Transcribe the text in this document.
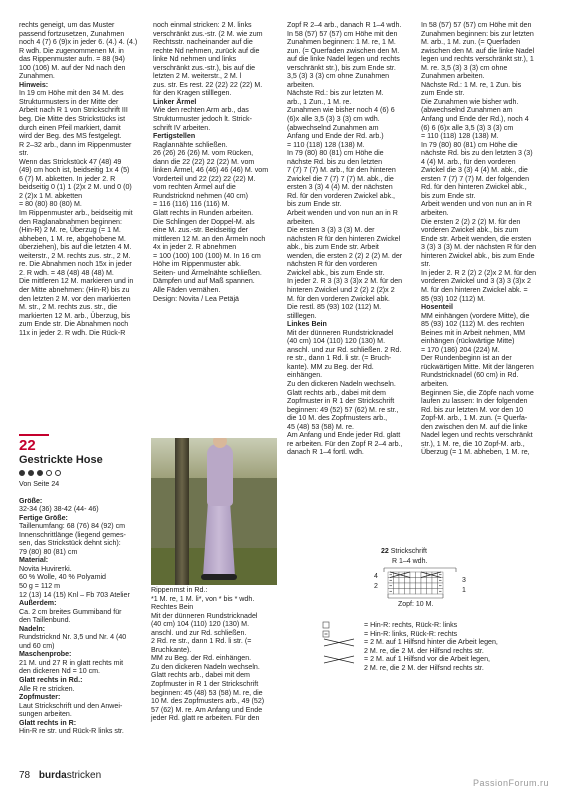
rechts geneigt, um das Muster
passend fortzusetzen, Zunahmen
noch 4 (7) 6 (9)x in jeder 6. (4.) 4. (4.)
R wdh. Die zugenommenen M. in
das Rippenmuster aufn. = 88 (94)
100 (106) M. auf der Nd nach den
Zunahmen.

Hinweis:

In 19 cm Höhe mit den 34 M. des
Strukturmusters in der Mitte der
Arbeit nach R 1 von Strickschrift III
beg. Die Mitte des Strickstücks ist
durch einen Pfeil markiert, damit
wird der Beg. des MS festgelegt.
R 2–32 arb., dann im Rippenmuster
str.
Wenn das Strickstück 47 (48) 49
(49) cm hoch ist, beidseitig 1x 4 (5)
6 (7) M. abketten. In jeder 2. R
beidseitig 0 (1) 1 (2)x 2 M. und 0 (0)
2 (2)x 1 M. abketten
= 80 (80) 80 (80) M.
Im Rippenmuster arb., beidseitig mit
den Raglanabnahmen beginnen:
(Hin-R) 2 M. re, Überzug (= 1 M.
abheben, 1 M. re, abgehobene M.
überziehen), bis auf die letzten 4 M.
weiterstr., 2 M. rechts zus. str., 2 M.
re. Die Abnahmen noch 15x in jeder
2. R wdh. = 48 (48) 48 (48) M.
Die mittleren 12 M. markieren und in
der Mitte abnehmen: (Hin-R) bis zu
den letzten 2 M. vor den markierten
M. str., 2 M. rechts zus. str., die
markierten 12 M. arb., Überzug, bis
zum Ende str. Die Abnahmen noch
11x in jeder 2. R wdh. Die Rück-R

22
Gestrickte Hose

Von Seite 24

Größe:

32-34 (36) 38-42 (44- 46)

Fertige Größe:

Taillenumfang: 68 (76) 84 (92) cm
Innenschrittlänge (liegend gemes-
sen, das Strickstück dehnt sich):
79 (80) 80 (81) cm

Material:

Novita Huvirетki.
60 % Wolle, 40 % Polyamid
50 g = 112 m
12 (13) 14 (15) Knl – Fb 703 Atelier

Außerdem:

Ca. 2 cm breites Gummiband für
den Taillenbund.

Nadeln:

Rundstricknd Nr. 3,5 und Nr. 4 (40
und 60 cm)

Maschenprobe:

21 M. und 27 R in glatt rechts mit
den dickeren Nd = 10 cm.

Glatt rechts in Rd.:

Alle R re stricken.

Zopfmuster:

Laut Strickschrift und den Anwei-
sungen arbeiten.

Glatt rechts in R:

Hin-R re str. und Rück-R links str.

noch einmal stricken: 2 M. links
verschränkt zus.-str. (2 M. wie zum
Rechtsstr. nacheinander auf die
rechte Nd nehmen, zurück auf die
linke Nd nehmen und links
verschränkt zus.-str.), bis auf die
letzten 2 M. weiterstr., 2 M. l
zus. str. Es rest. 22 (22) 22 (22) M.
für den Kragen stilllegen.

Linker Ärmel

Wie den rechten Arm arb., das
Strukturmuster jedoch lt. Strick-
schrift IV arbeiten.

Fertigstellen

Raglannähte schließen.
26 (26) 26 (26) M. vom Rücken,
dann die 22 (22) 22 (22) M. vom
linken Ärmel, 46 (46) 46 (46) M. vom
Vorderteil und 22 (22) 22 (22) M.
vom rechten Ärmel auf die
Rundstricknd nehmen (40 cm)
= 116 (116) 116 (116) M.
Glatt rechts in Runden arbeiten.
Die Schlingen der Doppel-M. als
eine M. zus.-str. Beidseitig der
mittleren 12 M. an den Ärmeln noch
4x in jeder 2. R abnehmen
= 100 (100) 100 (100) M. In 16 cm
Höhe im Rippenmuster abk.
Seiten- und Ärmelnähte schließen.
Dämpfen und auf Maß spannen.
Alle Fäden vernähen.

Design: Novita / Lea Petäjä

Rippenmst in Rd.:

*1 M. re, 1 M. li*, von * bis * wdh.

Rechtes Bein

Mit der dünneren Rundstricknadel
(40 cm) 104 (110) 120 (130) M.
anschl. und zur Rd. schließen.
2 Rd. re str., dann 1 Rd. li str. (=
Bruchkante).
MM zu Beg. der Rd. einhängen.
Zu den dickeren Nadeln wechseln.
Glatt rechts arb., dabei mit dem
Zopfmuster in R 1 der Strickschrift
beginnen: 45 (48) 53 (58) M. re, die
10 M. des Zopfmusters arb., 49 (52)
57 (62) M. re. Am Anfang und Ende
jeder Rd. glatt re arbeiten. Für den

Zopf R 2–4 arb., danach R 1–4 wdh.
In 58 (57) 57 (57) cm Höhe mit den
Zunahmen beginnen: 1 M. re, 1 M.
zun. (= Querfaden zwischen den M.
auf die linke Nadel legen und rechts
verschränkt str.), bis zum Ende str.
3,5 (3) 3 (3) cm ohne Zunahmen
arbeiten.

Nächste Rd.: bis zur letzten M.
arb., 1 Zun., 1 M. re.
Zunahmen wie bisher noch 4 (6) 6
(6)x alle 3,5 (3) 3 (3) cm wdh.
(abwechselnd Zunahmen am
Anfang und Ende der Rd. arb.)
= 110 (118) 128 (138) M.
In 79 (80) 80 (81) cm Höhe die
nächste Rd. bis zu den letzten
7 (7) 7 (7) M. arb., für den hinteren
Zwickel die 7 (7) 7 (7) M. abk., die
ersten 3 (3) 4 (4) M. der nächsten
Rd. für den vorderen Zwickel abk.,
bis zum Ende str.
Arbeit wenden und von nun an in R
arbeiten.
Die ersten 3 (3) 3 (3) M. der
nächsten R für den hinteren Zwickel
abk., bis zum Ende str. Arbeit
wenden, die ersten 2 (2) 2 (2) M. der
nächsten R für den vorderen
Zwickel abk., bis zum Ende str.
In jeder 2. R 3 (3) 3 (3)x 2 M. für den
hinteren Zwickel und 2 (2) 2 (2)x 2
M. für den vorderen Zwickel abk.
Die restl. 85 (93) 102 (112) M.
stilllegen.

Linkes Bein

Mit der dünneren Rundstricknadel
(40 cm) 104 (110) 120 (130) M.
anschl. und zur Rd. schließen. 2 Rd.
re str., dann 1 Rd. li str. (= Bruch-
kante). MM zu Beg. der Rd.
einhängen.
Zu den dickeren Nadeln wechseln.
Glatt rechts arb., dabei mit dem
Zopfmuster in R 1 der Strickschrift
beginnen: 49 (52) 57 (62) M. re str.,
die 10 M. des Zopfmusters arb.,
45 (48) 53 (58) M. re.
Am Anfang und Ende jeder Rd. glatt
re arbeiten. Für den Zopf R 2–4 arb.,
danach R 1–4 fortl. wdh.

In 58 (57) 57 (57) cm Höhe mit den
Zunahmen beginnen: bis zur letzten
M. arb., 1 M. zun. (= Querfaden
zwischen den M. auf die linke Nadel
legen und rechts verschränkt str.), 1
M. re. 3,5 (3) 3 (3) cm ohne
Zunahmen arbeiten.

Nächste Rd.: 1 M. re, 1 Zun. bis
zum Ende str.
Die Zunahmen wie bisher wdh.
(abwechselnd Zunahmen am
Anfang und Ende der Rd.), noch 4
(6) 6 (6)x alle 3,5 (3) 3 (3) cm
= 110 (118) 128 (138) M.
In 79 (80) 80 (81) cm Höhe die
nächste Rd. bis zu den letzten 3 (3)
4 (4) M. arb., für den vorderen
Zwickel die 3 (3) 4 (4) M. abk., die
ersten 7 (7) 7 (7) M. der folgenden
Rd. für den hinteren Zwickel abk.,
bis zum Ende str.
Arbeit wenden und von nun an in R
arbeiten.
Die ersten 2 (2) 2 (2) M. für den
vorderen Zwickel abk., bis zum
Ende str. Arbeit wenden, die ersten
3 (3) 3 (3) M. der nächsten R für den
hinteren Zwickel abk., bis zum Ende
str.
In jeder 2. R 2 (2) 2 (2)x 2 M. für den
vorderen Zwickel und 3 (3) 3 (3)x 2
M. für den hinteren Zwickel abk. =
85 (93) 102 (112) M.

Hosenteil

MM einhängen (vordere Mitte), die
85 (93) 102 (112) M. des rechten
Beines mit in Arbeit nehmen, MM
einhängen (rückwärtige Mitte)
= 170 (186) 204 (224) M.
Der Rundenbeginn ist an der
rückwärtigen Mitte. Mit der längeren
Rundstricknadel (60 cm) in Rd.
arbeiten.
Beginnen Sie, die Zöpfe nach vorne
laufen zu lassen: In der folgenden
Rd. bis zur letzten M. vor den 10
Zopf-M. arb., 1 M. zun. (= Querfa-
den zwischen den M. auf die linke
Nadel legen und rechts verschränkt
str.), 1 M. re, die 10 Zopf-M. arb.,
Überzug (= 1 M. abheben, 1 M. re,

22 Strickschrift
R 1–4 wdh.
4
2
3
1
Zopf: 10 M.
= Hin-R: rechts, Rück-R: links
= Hin-R: links, Rück-R: rechts
= 2 M. auf 1 Hilfsnd hinter die Arbeit legen,
2 M. re, die 2 M. der Hilfsnd rechts str.
= 2 M. auf 1 Hilfsnd vor die Arbeit legen,
2 M. re, die 2 M. der Hilfsnd rechts str.
78 burdastricken
PassionForum.ru
